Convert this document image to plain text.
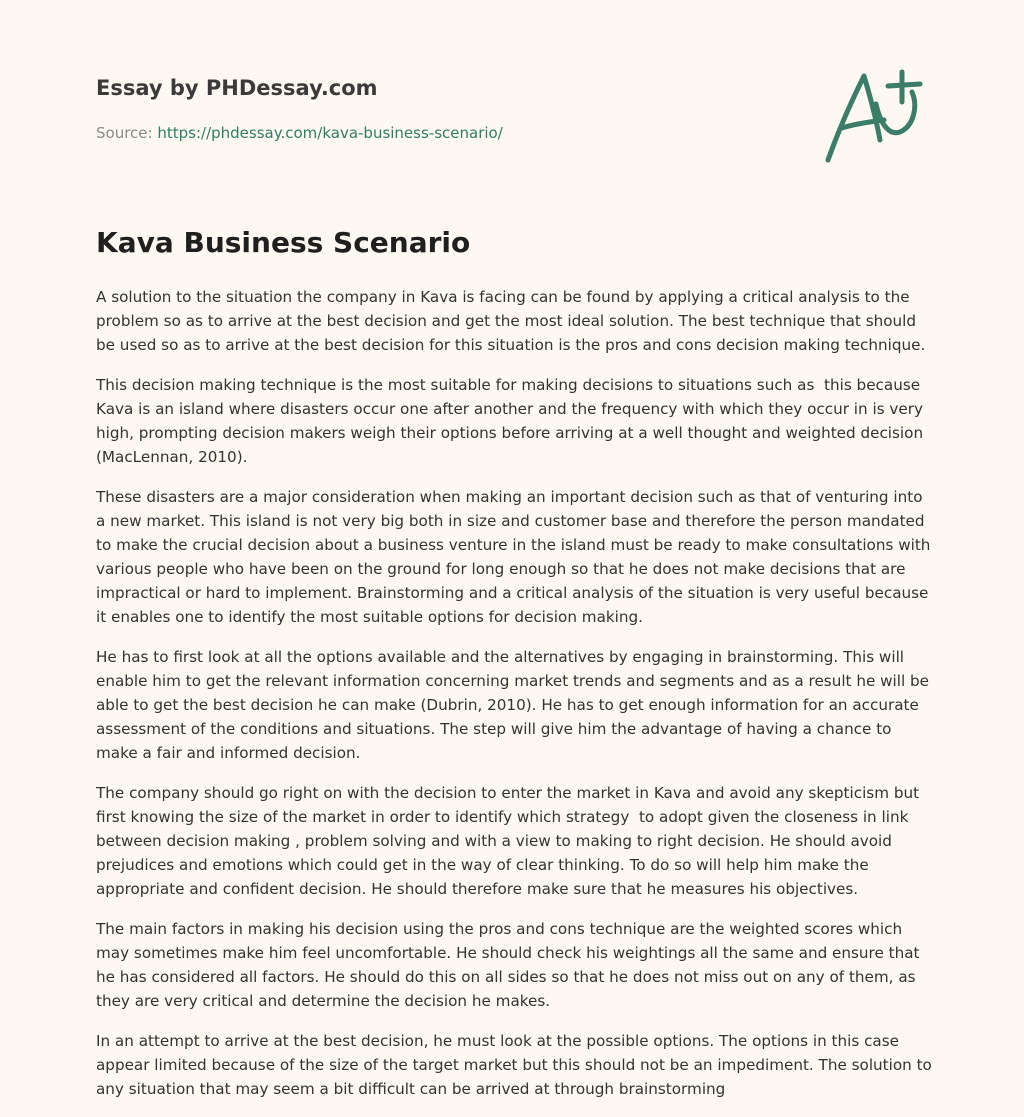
Essay by PHDessay.com
Source: https://phdessay.com/kava-business-scenario/
Kava Business Scenario

A solution to the situation the company in Kava is facing can be found by applying a critical analysis to the problem so as to arrive at the best decision and get the most ideal solution. The best technique that should be used so as to arrive at the best decision for this situation is the pros and cons decision making technique.

This decision making technique is the most suitable for making decisions to situations such as  this because Kava is an island where disasters occur one after another and the frequency with which they occur in is very high, prompting decision makers weigh their options before arriving at a well thought and weighted decision (MacLennan, 2010).

These disasters are a major consideration when making an important decision such as that of venturing into a new market. This island is not very big both in size and customer base and therefore the person mandated to make the crucial decision about a business venture in the island must be ready to make consultations with various people who have been on the ground for long enough so that he does not make decisions that are impractical or hard to implement. Brainstorming and a critical analysis of the situation is very useful because it enables one to identify the most suitable options for decision making.

He has to first look at all the options available and the alternatives by engaging in brainstorming. This will enable him to get the relevant information concerning market trends and segments and as a result he will be able to get the best decision he can make (Dubrin, 2010). He has to get enough information for an accurate assessment of the conditions and situations. The step will give him the advantage of having a chance to make a fair and informed decision.

The company should go right on with the decision to enter the market in Kava and avoid any skepticism but first knowing the size of the market in order to identify which strategy  to adopt given the closeness in link between decision making , problem solving and with a view to making to right decision. He should avoid prejudices and emotions which could get in the way of clear thinking. To do so will help him make the appropriate and confident decision. He should therefore make sure that he measures his objectives.

The main factors in making his decision using the pros and cons technique are the weighted scores which may sometimes make him feel uncomfortable. He should check his weightings all the same and ensure that he has considered all factors. He should do this on all sides so that he does not miss out on any of them, as they are very critical and determine the decision he makes.

In an attempt to arrive at the best decision, he must look at the possible options. The options in this case appear limited because of the size of the target market but this should not be an impediment. The solution to any situation that may seem a bit difficult can be arrived at through brainstorming
